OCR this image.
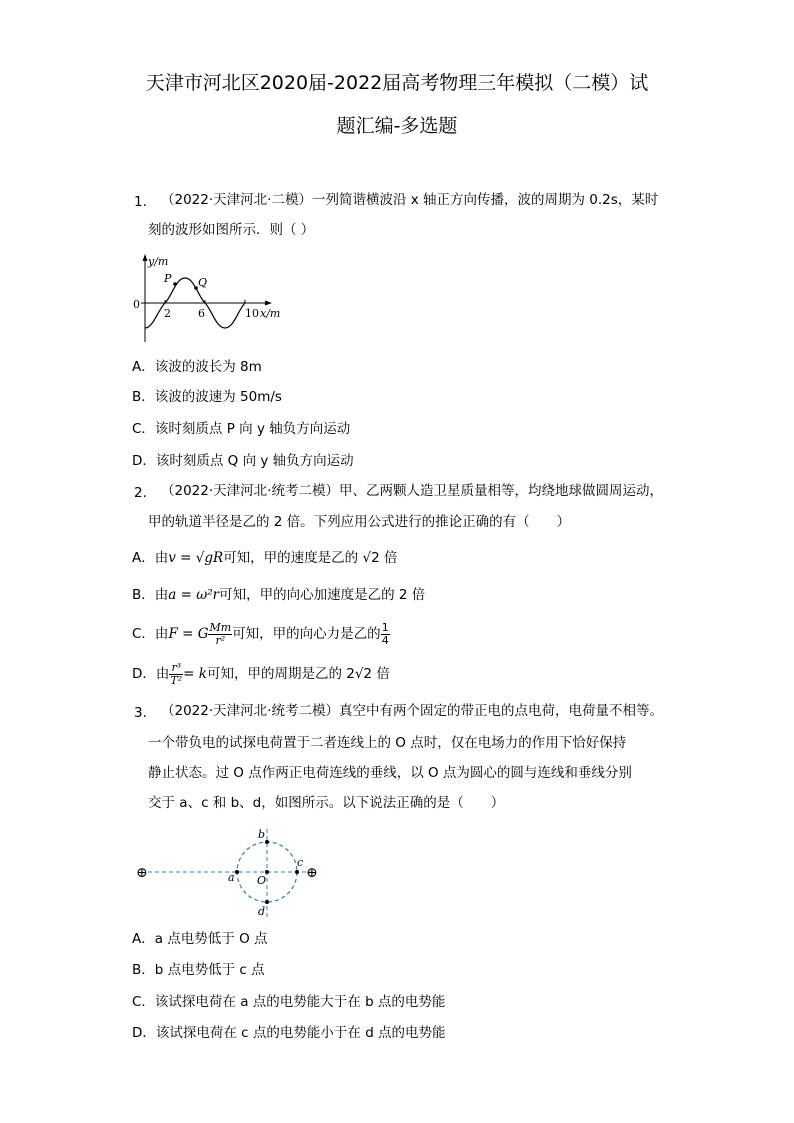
天津市河北区2020届-2022届高考物理三年模拟（二模）试
题汇编-多选题
1. （2022·天津河北·二模）一列简谐横波沿 x 轴正方向传播，波的周期为 0.2s，某时
刻的波形如图所示．则（ ）
y/m
0
P Q
2 6	10 x/m
A．该波的波长为 8m
B．该波的波速为 50m/s
C．该时刻质点 P 向 y 轴负方向运动
D．该时刻质点 Q 向 y 轴负方向运动
2. （2022·天津河北·统考二模）甲、乙两颗人造卫星质量相等，均绕地球做圆周运动，
甲的轨道半径是乙的 2 倍。下列应用公式进行的推论正确的有（　　）
A．由v = √gR可知，甲的速度是乙的 √2 倍
B．由a = ω²r可知，甲的向心加速度是乙的 2 倍
C．由F = G $\frac{Mm}{\text{r²}}$ 可知，甲的向心力是乙的 $\frac{1}{4}$
D．由 $\frac{\text{r³}}{\text{T²}} = k$可知，甲的周期是乙的 2√2 倍
3. （2022·天津河北·统考二模）真空中有两个固定的带正电的点电荷，电荷量不相等。
一个带负电的试探电荷置于二者连线上的 O 点时，仅在电场力的作用下恰好保持
静止状态。过 O 点作两正电荷连线的垂线，以 O 点为圆心的圆与连线和垂线分别
交于 a、c 和 b、d，如图所示。以下说法正确的是（　　）
⊕	⊕
a O
c
b
d
A．a 点电势低于 O 点
B．b 点电势低于 c 点
C．该试探电荷在 a 点的电势能大于在 b 点的电势能
D．该试探电荷在 c 点的电势能小于在 d 点的电势能
